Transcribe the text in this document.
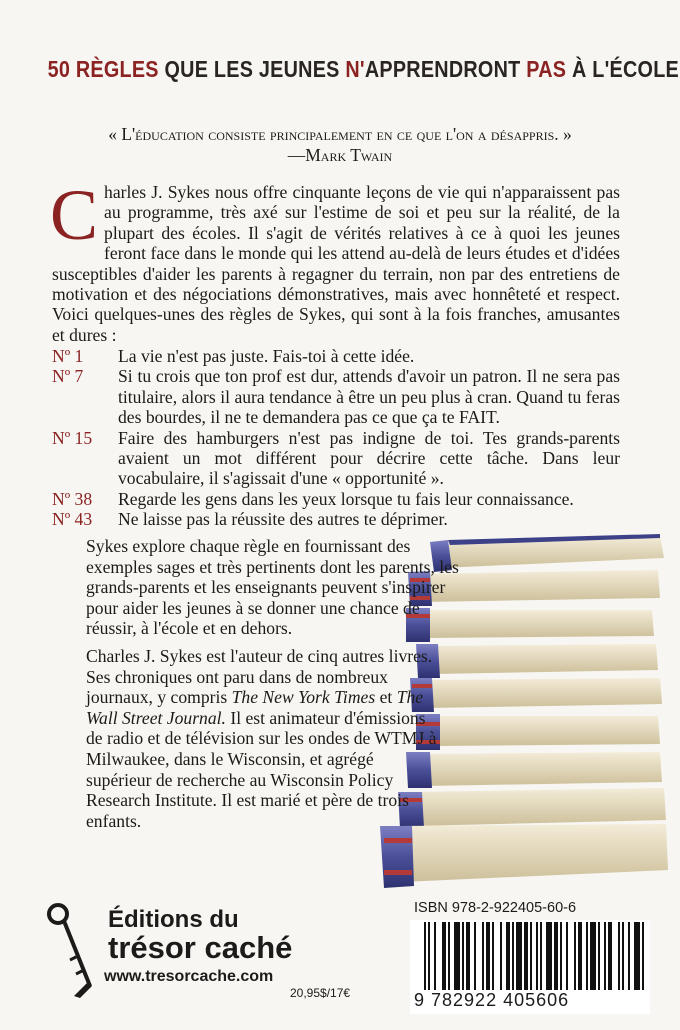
50 RÈGLES QUE LES JEUNES N'APPRENDRONT PAS À L'ÉCOLE
« L'éducation consiste principalement en ce que l'on a désappris. »
—Mark Twain
Charles J. Sykes nous offre cinquante leçons de vie qui n'apparaissent pas au programme, très axé sur l'estime de soi et peu sur la réalité, de la plupart des écoles. Il s'agit de vérités relatives à ce à quoi les jeunes feront face dans le monde qui les attend au-delà de leurs études et d'idées susceptibles d'aider les parents à regagner du terrain, non par des entretiens de motivation et des négociations démonstratives, mais avec honnêteté et respect. Voici quelques-unes des règles de Sykes, qui sont à la fois franches, amusantes et dures :
Nº 1	La vie n'est pas juste. Fais-toi à cette idée.
Nº 7	Si tu crois que ton prof est dur, attends d'avoir un patron. Il ne sera pas titulaire, alors il aura tendance à être un peu plus à cran. Quand tu feras des bourdes, il ne te demandera pas ce que ça te FAIT.
Nº 15	Faire des hamburgers n'est pas indigne de toi. Tes grands-parents avaient un mot différent pour décrire cette tâche. Dans leur vocabulaire, il s'agissait d'une « opportunité ».
Nº 38	Regarde les gens dans les yeux lorsque tu fais leur connaissance.
Nº 43	Ne laisse pas la réussite des autres te déprimer.
Sykes explore chaque règle en fournissant des exemples sages et très pertinents dont les parents, les grands-parents et les enseignants peuvent s'inspirer pour aider les jeunes à se donner une chance de réussir, à l'école et en dehors.
Charles J. Sykes est l'auteur de cinq autres livres. Ses chroniques ont paru dans de nombreux journaux, y compris The New York Times et The Wall Street Journal. Il est animateur d'émissions de radio et de télévision sur les ondes de WTMJ à Milwaukee, dans le Wisconsin, et agrégé supérieur de recherche au Wisconsin Policy Research Institute. Il est marié et père de trois enfants.
Éditions du
trésor caché
www.tresorcache.com
20,95$/17€
ISBN 978-2-922405-60-6
9 782922 405606
